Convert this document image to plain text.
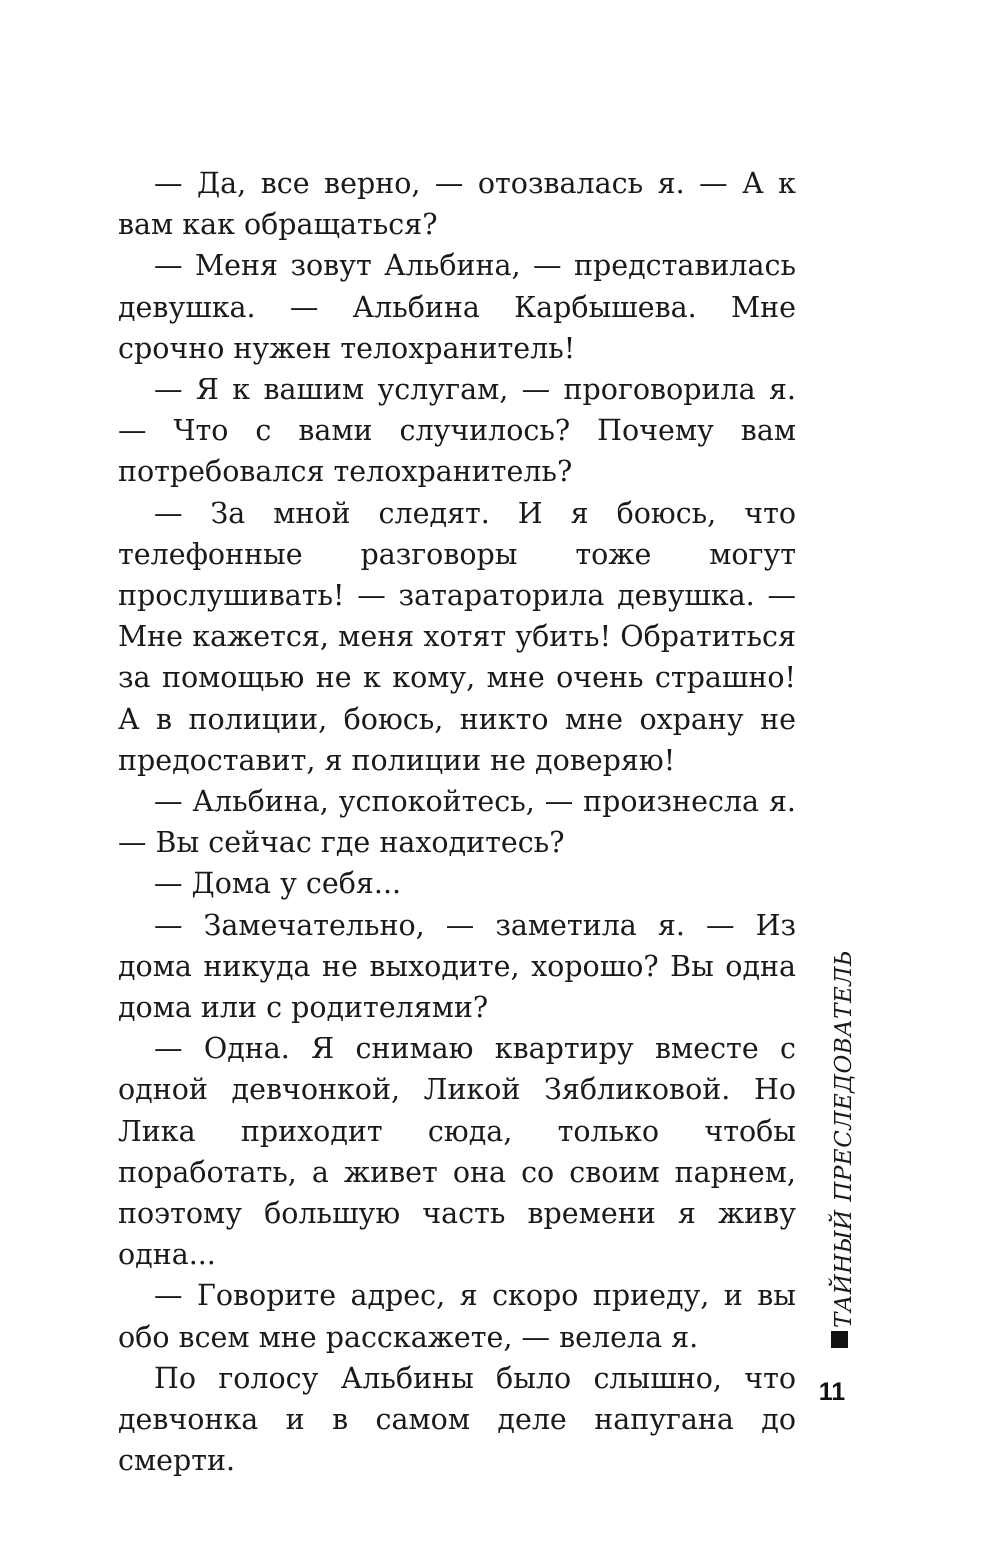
— Да, все верно, — отозвалась я. — А к вам как обращаться?

— Меня зовут Альбина, — представилась девушка. — Альбина Карбышева. Мне срочно нужен телохранитель!

— Я к вашим услугам, — проговорила я. — Что с вами случилось? Почему вам потребовался телохранитель?

— За мной следят. И я боюсь, что телефонные разговоры тоже могут прослушивать! — затараторила девушка. — Мне кажется, меня хотят убить! Обратиться за помощью не к кому, мне очень страшно! А в полиции, боюсь, никто мне охрану не предоставит, я полиции не доверяю!

— Альбина, успокойтесь, — произнесла я. — Вы сейчас где находитесь?

— Дома у себя...

— Замечательно, — заметила я. — Из дома никуда не выходите, хорошо? Вы одна дома или с родителями?

— Одна. Я снимаю квартиру вместе с одной девчонкой, Ликой Зябликовой. Но Лика приходит сюда, только чтобы поработать, а живет она со своим парнем, поэтому большую часть времени я живу одна...

— Говорите адрес, я скоро приеду, и вы обо всем мне расскажете, — велела я.

По голосу Альбины было слышно, что девчонка и в самом деле напугана до смерти.

ТАЙНЫЙ ПРЕСЛЕДОВАТЕЛЬ
11
